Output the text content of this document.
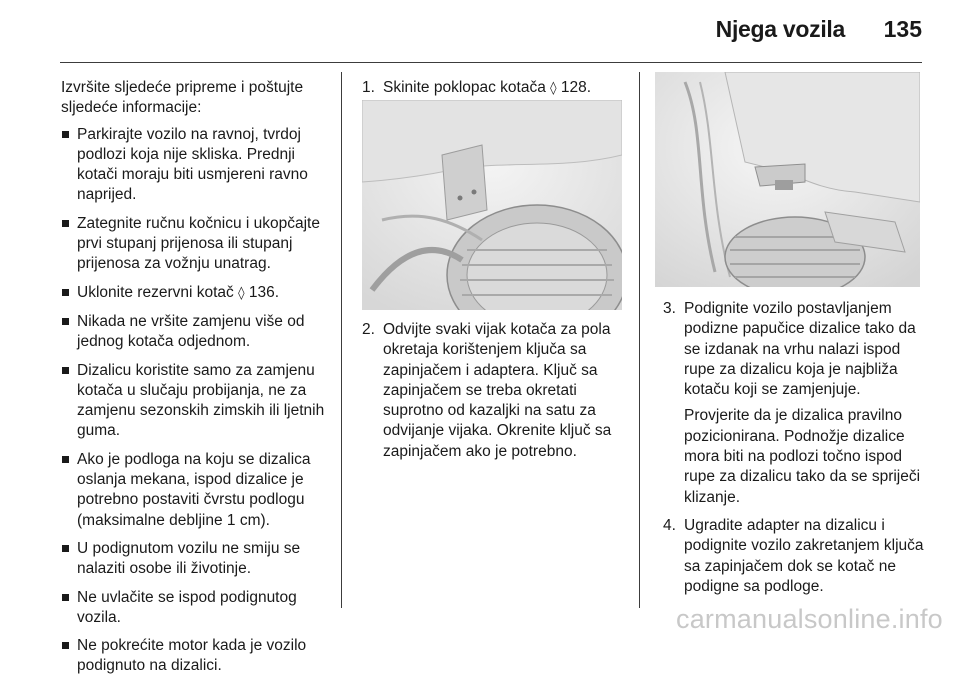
Njega vozila	135

Izvršite sljedeće pripreme i poštujte sljedeće informacije:

Parkirajte vozilo na ravnoj, tvrdoj podlozi koja nije skliska. Prednji kotači moraju biti usmjereni ravno naprijed.
Zategnite ručnu kočnicu i ukopčajte prvi stupanj prijenosa ili stupanj prijenosa za vožnju unatrag.
Uklonite rezervni kotač ◊ 136.
Nikada ne vršite zamjenu više od jednog kotača odjednom.
Dizalicu koristite samo za zamjenu kotača u slučaju probijanja, ne za zamjenu sezonskih zimskih ili ljetnih guma.
Ako je podloga na koju se dizalica oslanja mekana, ispod dizalice je potrebno postaviti čvrstu podlogu (maksimalne debljine 1 cm).
U podignutom vozilu ne smiju se nalaziti osobe ili životinje.
Ne uvlačite se ispod podignutog vozila.
Ne pokrećite motor kada je vozilo podignuto na dizalici.
1. Skinite poklopac kotača ◊ 128.
2. Odvijte svaki vijak kotača za pola okretaja korištenjem ključa sa zapinjačem i adaptera. Ključ sa zapinjačem se treba okretati suprotno od kazaljki na satu za odvijanje vijaka. Okrenite ključ sa zapinjačem ako je potrebno.
3. Podignite vozilo postavljanjem podizne papučice dizalice tako da se izdanak na vrhu nalazi ispod rupe za dizalicu koja je najbliža kotaču koji se zamjenjuje.
Provjerite da je dizalica pravilno pozicionirana. Podnožje dizalice mora biti na podlozi točno ispod rupe za dizalicu tako da se spriječi klizanje.
4. Ugradite adapter na dizalicu i podignite vozilo zakretanjem ključa sa zapinjačem dok se kotač ne podigne sa podloge.
carmanualsonline.info
